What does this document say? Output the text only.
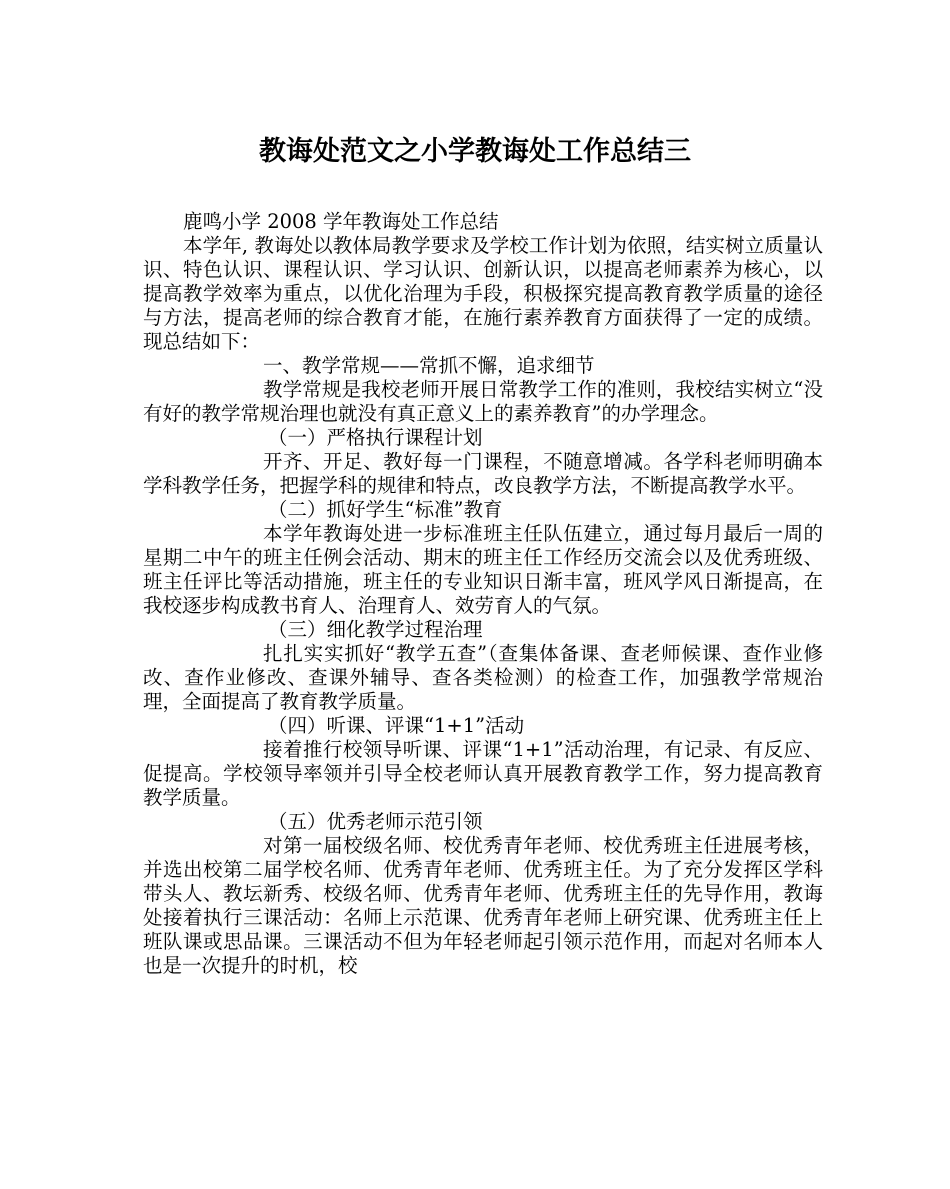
教诲处范文之小学教诲处工作总结三

鹿鸣小学 2008 学年教诲处工作总结

本学年, 教诲处以教体局教学要求及学校工作计划为依照，结实树立质量认识、特色认识、课程认识、学习认识、创新认识，以提高老师素养为核心，以提高教学效率为重点，以优化治理为手段，积极探究提高教育教学质量的途径与方法，提高老师的综合教育才能，在施行素养教育方面获得了一定的成绩。现总结如下：

一、教学常规——常抓不懈，追求细节

教学常规是我校老师开展日常教学工作的准则，我校结实树立“没有好的教学常规治理也就没有真正意义上的素养教育”的办学理念。

（一）严格执行课程计划

开齐、开足、教好每一门课程，不随意增减。各学科老师明确本学科教学任务，把握学科的规律和特点，改良教学方法，不断提高教学水平。

（二）抓好学生“标准”教育

本学年教诲处进一步标准班主任队伍建立，通过每月最后一周的星期二中午的班主任例会活动、期末的班主任工作经历交流会以及优秀班级、班主任评比等活动措施，班主任的专业知识日渐丰富，班风学风日渐提高，在我校逐步构成教书育人、治理育人、效劳育人的气氛。

（三）细化教学过程治理

扎扎实实抓好“教学五查”（查集体备课、查老师候课、查作业修改、查作业修改、查课外辅导、查各类检测）的检查工作，加强教学常规治理，全面提高了教育教学质量。

（四）听课、评课“1+1”活动

接着推行校领导听课、评课“1+1”活动治理，有记录、有反应、促提高。学校领导率领并引导全校老师认真开展教育教学工作，努力提高教育教学质量。

（五）优秀老师示范引领

对第一届校级名师、校优秀青年老师、校优秀班主任进展考核，并选出校第二届学校名师、优秀青年老师、优秀班主任。为了充分发挥区学科带头人、教坛新秀、校级名师、优秀青年老师、优秀班主任的先导作用，教诲处接着执行三课活动：名师上示范课、优秀青年老师上研究课、优秀班主任上班队课或思品课。三课活动不但为年轻老师起引领示范作用，而起对名师本人也是一次提升的时机，校
